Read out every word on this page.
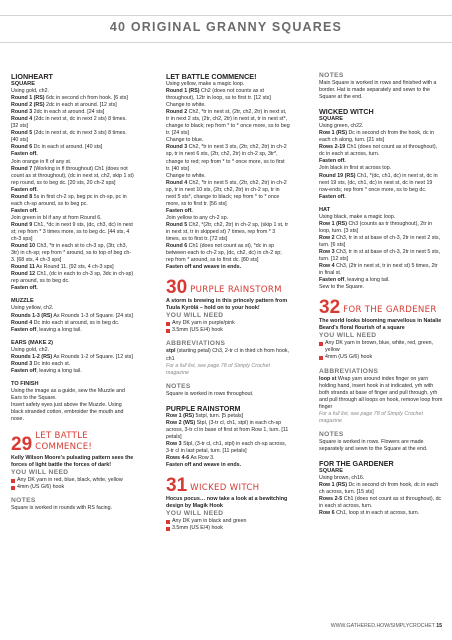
40 ORIGINAL GRANNY SQUARES

LIONHEART

SQUARE

Using gold, ch2.

Round 1 (RS) 6dc in second ch from hook. [6 sts]

Round 2 (RS) 2dc in each st around. [12 sts]

Round 3 2dc in each st around. [24 sts]

Round 4 (2dc in next st, dc in next 2 sts) 8 times. [32 sts]

Round 5 (2dc in next st, dc in next 3 sts) 8 times. [40 sts]

Round 6 Dc in each st around. [40 sts]

Fasten off.

Join orange in fl of any st.

Round 7 (Working in fl throughout) Ch1 (does not count as st throughout), (dc in next st, ch2, skip 1 st) rep round, ss to beg dc. [20 sts, 20 ch-2 sps]

Fasten off.

Round 8 5s in first ch-2 sp, beg pc in ch-sp, pc in each ch-sp around, ss to beg pc.

Fasten off.

Join green in bl if any st from Round 6.

Round 9 Ch1, *dc in next 9 sts, (dc, ch3, dc) in next st; rep from * 3 times more, ss to beg dc. [44 sts, 4 ch-3 sps]

Round 10 Ch3, *tr in each st to ch-3 sp, (3tr, ch3, 3tr) in ch-sp; rep from * around, ss to top of beg ch-3. [68 sts, 4 ch-3 sps]

Round 11 As Round 11. [92 sts, 4 ch-3 sps]

Round 12 Ch1, (dc in each to ch-3 sp, 3dc in ch-sp) rep around, ss to beg dc.

Fasten off.

MUZZLE

Using yellow, ch2.

Rounds 1-3 (RS) As Rounds 1-3 of Square. [24 sts]

Round 4 Dc into each st around, ss in beg dc.

Fasten off, leaving a long tail.

EARS (MAKE 2)

Using gold, ch2.

Rounds 1-2 (RS) As Rounds 1-2 of Square. [12 sts]

Round 3 Dc into each st.

Fasten off, leaving a long tail.

TO FINISH

Using the image as a guide, sew the Muzzle and Ears to the Square.

Insert safety eyes just above the Muzzle. Using black stranded cotton, embroider the mouth and nose.

29 LET BATTLE COMMENCE!

Kelly Wilson Moore's pulsating pattern sees the forces of light battle the forces of dark!

YOU WILL NEED

Any DK yarn in red, blue, black, white, yellow

4mm (US G/6) hook

NOTES

Square is worked in rounds with RS facing.

LET BATTLE COMMENCE!

Using yellow, make a magic loop.

Round 1 (RS) Ch2 (does not counts as st throughout), 12tr in loop, ss to first tr. [12 sts]

Change to white.

Round 2 Ch2, *tr in next st, (2tr, ch2, 2tr) in next st, tr in next 2 sts, (2tr, ch2, 2tr) in next st, tr in next st*, change to black; rep from * to * once more, ss to beg tr. [24 sts]

Change to blue.

Round 3 Ch2, *tr in next 3 sts, (2tr, ch2, 2tr) in ch-2 sp, tr in next 6 sts, (2tr, ch2, 2tr) in ch-2 sp, 3tr*, change to red; rep from * to * once more, ss to first tr. [40 sts]

Change to white.

Round 4 Ch2, *tr in next 5 sts, (2tr, ch2, 2tr) in ch-2 sp, tr in next 10 sts, (2tr, ch2, 2tr) in ch-2 sp, tr in next 5 sts*, change to black; rep from * to * once more, ss to first tr. [56 sts]

Fasten off.

Join yellow to any ch-2 sp.

Round 5 Ch2, *(2tr, ch2, 2tr) in ch-2 sp, (skip 1 st, tr in next st, tr in skipped st) 7 times, rep from * 3 times, ss to first tr. [72 sts]

Round 6 Ch1 (does not count as st), *dc in sp between each to ch-2 sp, (dc, ch2, dc) in ch-2 sp; rep from * around, ss to first dc. [80 sts]

Fasten off and weave in ends.

30 PURPLE RAINSTORM

A storm is brewing in this princely pattern from Tuula Kyrölä – hold on to your hook!

YOU WILL NEED

Any DK yarn in purple/pink

3.5mm (US E/4) hook

ABBREVIATIONS

stpl (starting petal) Ch3, 2-tr cl in third ch from hook, ch1

For a full list, see page 78 of Simply Crochet magazine

NOTES

Square is worked in rows throughout.

PURPLE RAINSTORM

Row 1 (RS) 5stpl, turn. [5 petals]

Row 2 (WS) Stpl, (3-tr cl, ch1, stpl) in each ch-sp across, 3-tr cl in base of first st from Row 1, turn. [11 petals]

Row 3 Stpl, (3-tr cl, ch1, stpl) in each ch-sp across, 3-tr cl in last petal, turn. [11 petals]

Rows 4-6 As Row 3.

Fasten off and weave in ends.

31 WICKED WITCH

Hocus pocus… now take a look at a bewitching design by Magik Hook

YOU WILL NEED

Any DK yarn in black and green

3.5mm (US E/4) hook

NOTES

Main Square is worked in rows and finished with a border. Hat is made separately and sewn to the Square at the end.

WICKED WITCH

SQUARE

Using green, ch22.

Row 1 (RS) Dc in second ch from the hook, dc in each ch along, turn. [21 sts]

Rows 2-19 Ch1 (does not count as st throughout), dc in each st across, turn.

Fasten off.

Join black in first st across top.

Round 19 (RS) Ch1, *(dc, ch1, dc) in next st, dc in next 19 sts, (dc, ch1, dc) in next st, dc in next 19 row-ends; rep from * once more, ss to beg dc.

Fasten off.

HAT

Using black, make a magic loop.

Row 1 (RS) Ch3 (counts as tr throughout), 2tr in loop, turn. [3 sts]

Row 2 Ch3, tr in st at base of ch-3, 2tr in next 2 sts, turn. [6 sts]

Row 3 Ch3, tr in st at base of ch-3, 2tr in next 5 sts, turn. [12 sts]

Row 4 Ch3, (2tr in next st, tr in next st) 5 times, 2tr in final st.

Fasten off, leaving a long tail.

Sew to the Square.

32 FOR THE GARDENER

The world looks blooming marvellous in Natalie Beard's floral flourish of a square

YOU WILL NEED

Any DK yarn in brown, blue, white, red, green, yellow

4mm (US G/6) hook

ABBREVIATIONS

loop st Wrap yarn around index finger on yarn holding hand, insert hook in st indicated, yrh with both strands at base of finger and pull through, yrh and pull through all loops on hook, remove loop from finger

For a full list, see page 78 of Simply Crochet magazine

NOTES

Square is worked in rows. Flowers are made separately and sewn to the Square at the end.

FOR THE GARDENER

SQUARE

Using brown, ch16.

Row 1 (RS) Dc in second ch from hook, dc in each ch across, turn. [15 sts]

Rows 2-5 Ch1 (does not count as st throughout), dc in each st across, turn.

Row 6 Ch1, loop st in each st across, turn.

WWW.GATHERED.HOW/SIMPLYCROCHET 15
